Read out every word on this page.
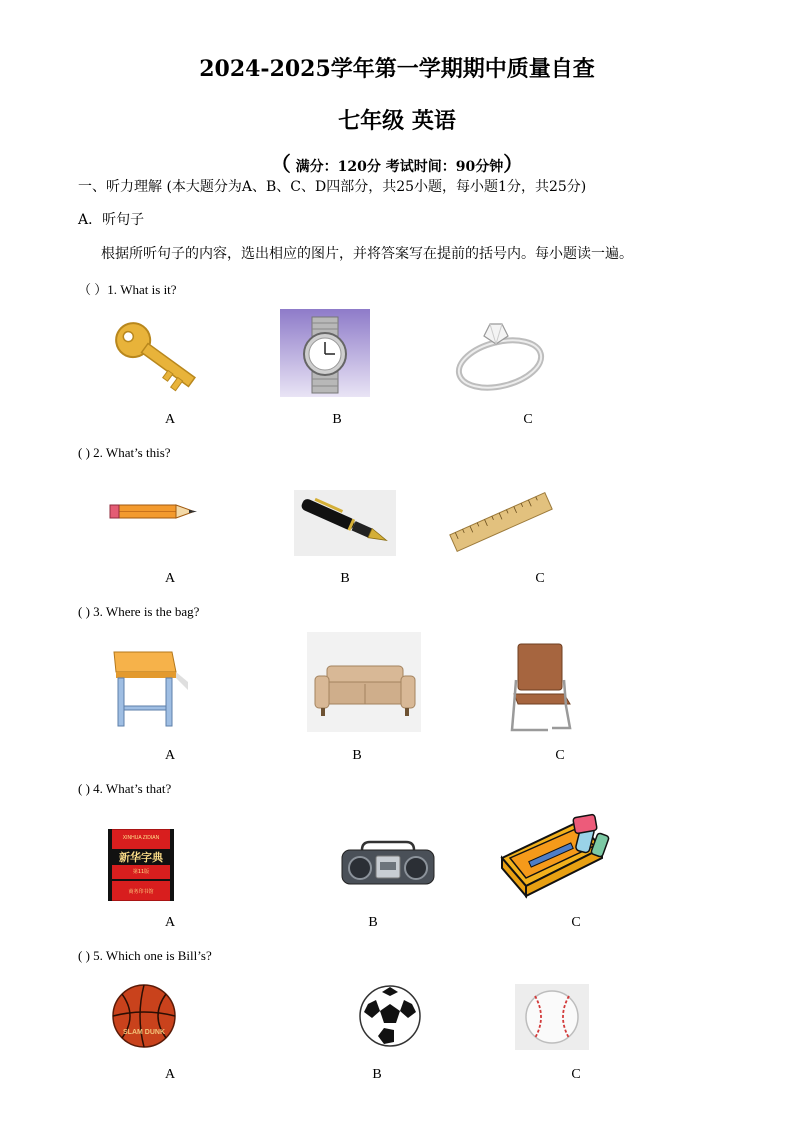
2024-2025学年第一学期期中质量自查
七年级 英语
（ 满分：120分 考试时间：90分钟）
一、听力理解 (本大题分为A、B、C、D四部分，共25小题，每小题1分，共25分)
A．听句子
根据所听句子的内容，选出相应的图片，并将答案写在提前的括号内。每小题读一遍。
（ ）1. What is it?
A	B	C
( ) 2. What’s this?
A	B	C
( ) 3. Where is the bag?
A	B	C
( ) 4. What’s that?
XINHUA ZIDIAN
新华字典
第11版
商务印书馆
A	B	C
( ) 5. Which one is Bill’s?
SLAM DUNK
A	B	C
